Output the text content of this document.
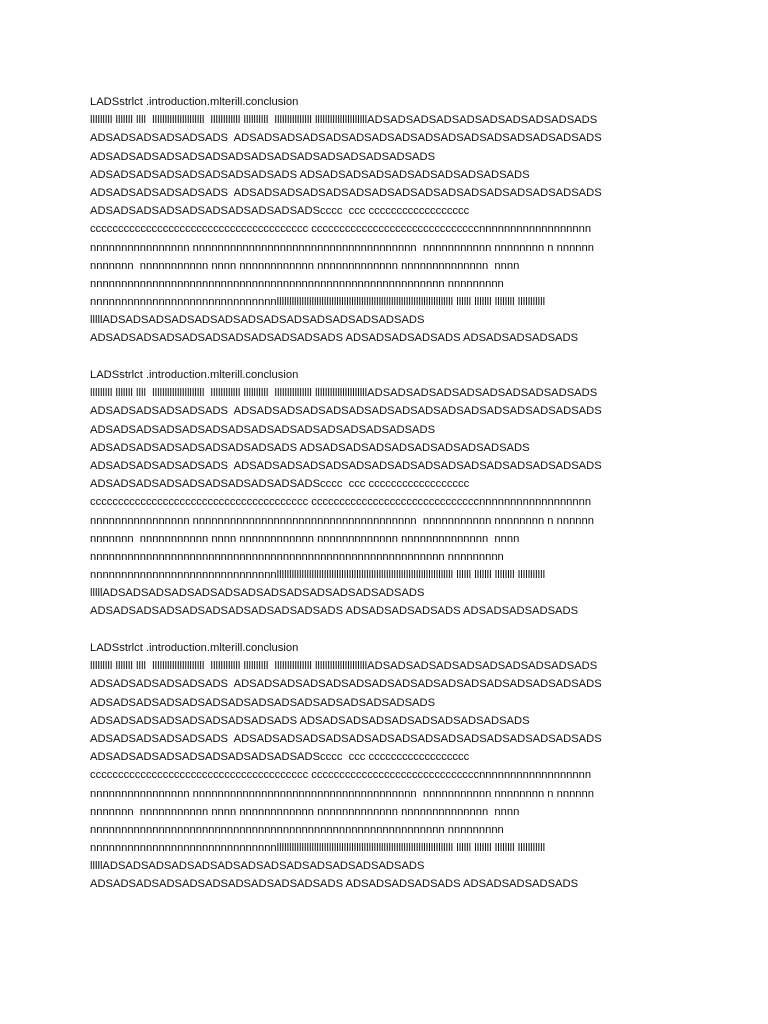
LADSstrlct .introduction.mlterill.conclusion
lllllllll lllllll llll  lllllllllllllllllllll  llllllllllll llllllllll  lllllllllllllll lllllllllllllllllllllADSADSADSADSADSADSADSADSADSADS
ADSADSADSADSADSADS  ADSADSADSADSADSADSADSADSADSADSADSADSADSADSADSADS
ADSADSADSADSADSADSADSADSADSADSADSADSADSADSADS
ADSADSADSADSADSADSADSADSADS ADSADSADSADSADSADSADSADSADSADS
ADSADSADSADSADSADS  ADSADSADSADSADSADSADSADSADSADSADSADSADSADSADSADS
ADSADSADSADSADSADSADSADSADSADScccc  ccc cccccccccccccccccc
ccccccccccccccccccccccccccccccccccccccc ccccccccccccccccccccccccccccccnnnnnnnnnnnnnnnnnn
nnnnnnnnnnnnnnnn nnnnnnnnnnnnnnnnnnnnnnnnnnnnnnnnnnnn  nnnnnnnnnnn nnnnnnnn n nnnnnn
nnnnnnn  nnnnnnnnnnn nnnn nnnnnnnnnnnn nnnnnnnnnnnnn nnnnnnnnnnnnnn  nnnn
nnnnnnnnnnnnnnnnnnnnnnnnnnnnnnnnnnnnnnnnnnnnnnnnnnnnnnnnn nnnnnnnnn
nnnnnnnnnnnnnnnnnnnnnnnnnnnnnnlllllllllllllllllllllllllllllllllllllllllllllllllllllllllllllllllllllll llllll lllllll llllllll lllllllllll
lllllADSADSADSADSADSADSADSADSADSADSADSADSADSADS
ADSADSADSADSADSADSADSADSADSADSADS ADSADSADSADSADS ADSADSADSADSADS
LADSstrlct .introduction.mlterill.conclusion
lllllllll lllllll llll  lllllllllllllllllllll  llllllllllll llllllllll  lllllllllllllll lllllllllllllllllllllADSADSADSADSADSADSADSADSADSADS
ADSADSADSADSADSADS  ADSADSADSADSADSADSADSADSADSADSADSADSADSADSADSADS
ADSADSADSADSADSADSADSADSADSADSADSADSADSADSADS
ADSADSADSADSADSADSADSADSADS ADSADSADSADSADSADSADSADSADSADS
ADSADSADSADSADSADS  ADSADSADSADSADSADSADSADSADSADSADSADSADSADSADSADS
ADSADSADSADSADSADSADSADSADSADScccc  ccc cccccccccccccccccc
ccccccccccccccccccccccccccccccccccccccc ccccccccccccccccccccccccccccccnnnnnnnnnnnnnnnnnn
nnnnnnnnnnnnnnnn nnnnnnnnnnnnnnnnnnnnnnnnnnnnnnnnnnnn  nnnnnnnnnnn nnnnnnnn n nnnnnn
nnnnnnn  nnnnnnnnnnn nnnn nnnnnnnnnnnn nnnnnnnnnnnnn nnnnnnnnnnnnnn  nnnn
nnnnnnnnnnnnnnnnnnnnnnnnnnnnnnnnnnnnnnnnnnnnnnnnnnnnnnnnn nnnnnnnnn
nnnnnnnnnnnnnnnnnnnnnnnnnnnnnnlllllllllllllllllllllllllllllllllllllllllllllllllllllllllllllllllllllll llllll lllllll llllllll lllllllllll
lllllADSADSADSADSADSADSADSADSADSADSADSADSADSADS
ADSADSADSADSADSADSADSADSADSADSADS ADSADSADSADSADS ADSADSADSADSADS
LADSstrlct .introduction.mlterill.conclusion
lllllllll lllllll llll  lllllllllllllllllllll  llllllllllll llllllllll  lllllllllllllll lllllllllllllllllllllADSADSADSADSADSADSADSADSADSADS
ADSADSADSADSADSADS  ADSADSADSADSADSADSADSADSADSADSADSADSADSADSADSADS
ADSADSADSADSADSADSADSADSADSADSADSADSADSADSADS
ADSADSADSADSADSADSADSADSADS ADSADSADSADSADSADSADSADSADSADS
ADSADSADSADSADSADS  ADSADSADSADSADSADSADSADSADSADSADSADSADSADSADSADS
ADSADSADSADSADSADSADSADSADSADScccc  ccc cccccccccccccccccc
ccccccccccccccccccccccccccccccccccccccc ccccccccccccccccccccccccccccccnnnnnnnnnnnnnnnnnn
nnnnnnnnnnnnnnnn nnnnnnnnnnnnnnnnnnnnnnnnnnnnnnnnnnnn  nnnnnnnnnnn nnnnnnnn n nnnnnn
nnnnnnn  nnnnnnnnnnn nnnn nnnnnnnnnnnn nnnnnnnnnnnnn nnnnnnnnnnnnnn  nnnn
nnnnnnnnnnnnnnnnnnnnnnnnnnnnnnnnnnnnnnnnnnnnnnnnnnnnnnnnn nnnnnnnnn
nnnnnnnnnnnnnnnnnnnnnnnnnnnnnnlllllllllllllllllllllllllllllllllllllllllllllllllllllllllllllllllllllll llllll lllllll llllllll lllllllllll
lllllADSADSADSADSADSADSADSADSADSADSADSADSADSADS
ADSADSADSADSADSADSADSADSADSADSADS ADSADSADSADSADS ADSADSADSADSADS
